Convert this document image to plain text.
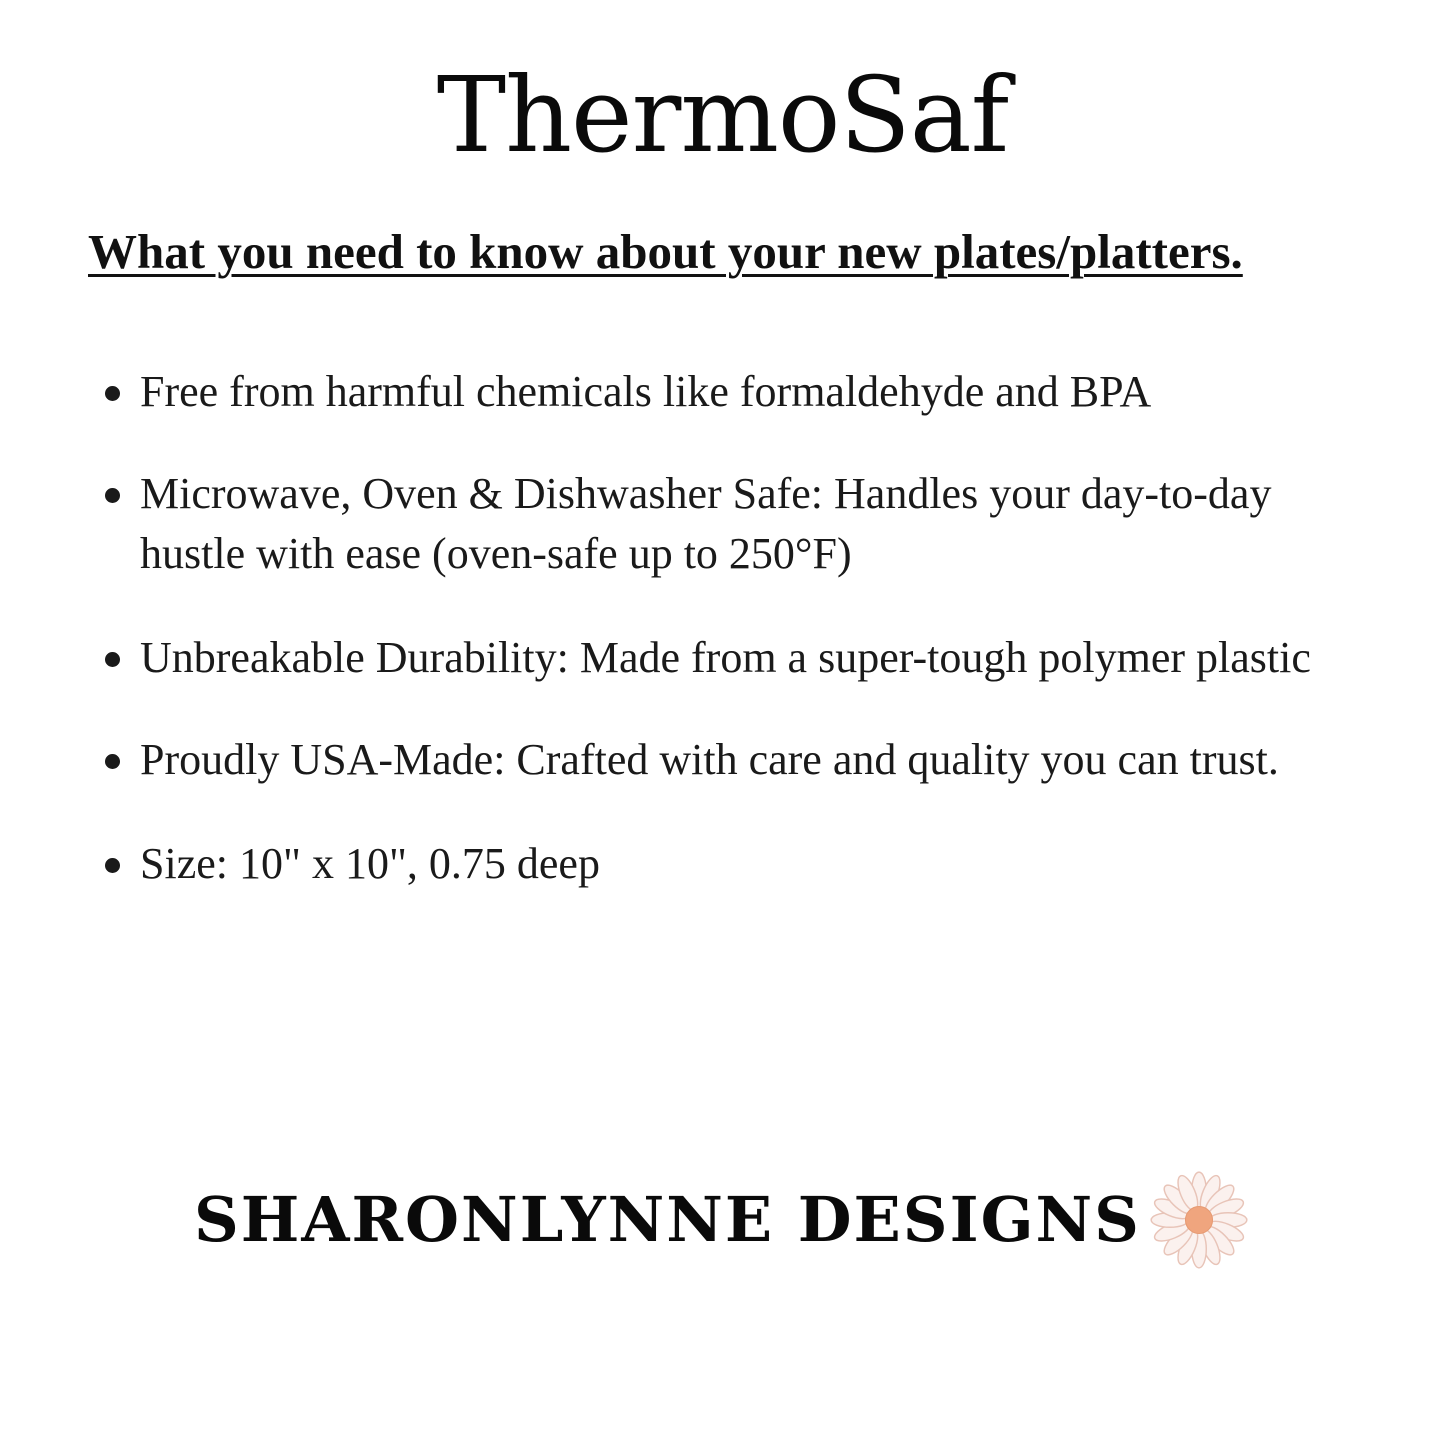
ThermoSaf
What you need to know about your new plates/platters.
Free from harmful chemicals like formaldehyde and BPA
Microwave, Oven & Dishwasher Safe: Handles your day-to-day hustle with ease (oven-safe up to 250°F)
Unbreakable Durability: Made from a super-tough polymer plastic
Proudly USA-Made: Crafted with care and quality you can trust.
Size: 10" x 10", 0.75 deep
SHARONLYNNE DESIGNS
